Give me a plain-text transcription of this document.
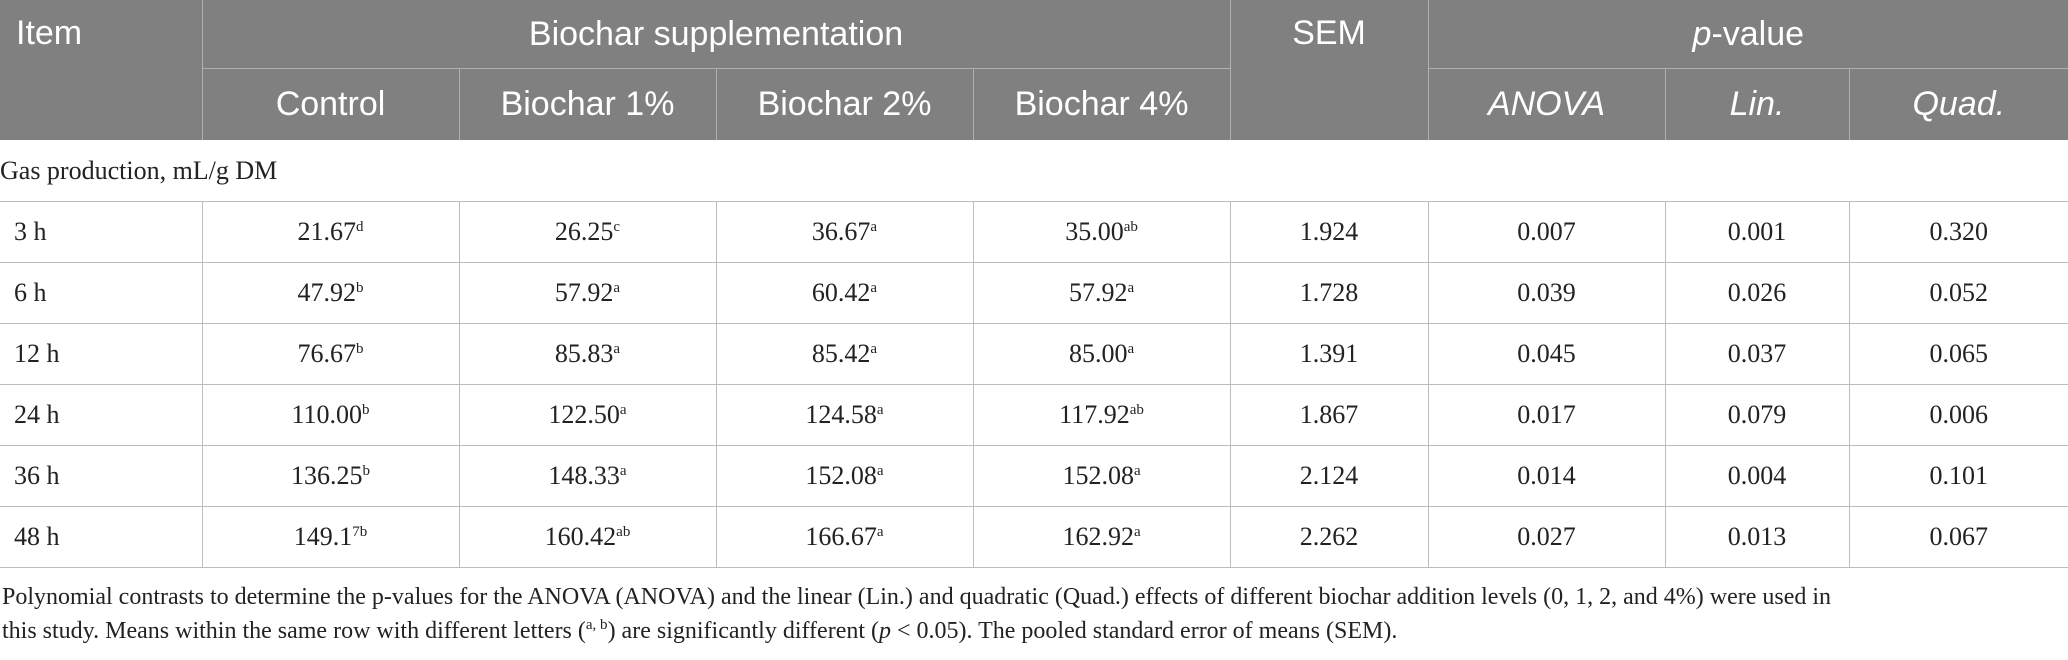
Item	Biochar supplementation				SEM	p-value		
	Control	Biochar 1%	Biochar 2%	Biochar 4%		ANOVA	Lin.	Quad.
Gas production, mL/g DM								
3 h	21.67$^d$	26.25$^c$	36.67$^a$	35.00$^{ab}$	1.924	0.007	0.001	0.320
6 h	47.92$^b$	57.92$^a$	60.42$^a$	57.92$^a$	1.728	0.039	0.026	0.052
12 h	76.67$^b$	85.83$^a$	85.42$^a$	85.00$^a$	1.391	0.045	0.037	0.065
24 h	110.00$^b$	122.50$^a$	124.58$^a$	117.92$^{ab}$	1.867	0.017	0.079	0.006
36 h	136.25$^b$	148.33$^a$	152.08$^a$	152.08$^a$	2.124	0.014	0.004	0.101
48 h	$149.1^{7b}$	160.42$^{ab}$	166.67$^a$	162.92$^a$	2.262	0.027	0.013	0.067
Polynomial contrasts to determine the p-values for the ANOVA (ANOVA) and the linear (Lin.) and quadratic (Quad.) effects of different biochar addition levels (0, 1, 2, and 4%) were used in
this study. Means within the same row with different letters ($^{a, b}$) are significantly different (p < 0.05). The pooled standard error of means (SEM).
